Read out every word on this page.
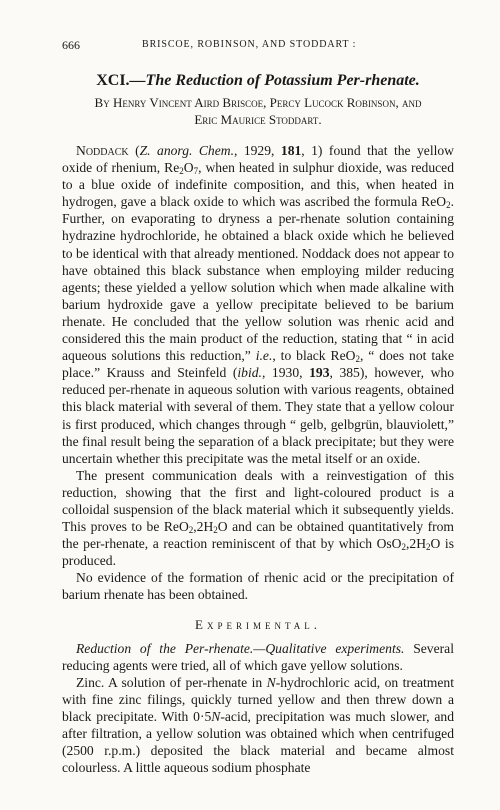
666	BRISCOE, ROBINSON, AND STODDART :
XCI.—The Reduction of Potassium Per-rhenate.
By Henry Vincent Aird Briscoe, Percy Lucock Robinson, and
Eric Maurice Stoddart.

Noddack (Z. anorg. Chem., 1929, 181, 1) found that the yellow oxide of rhenium, $Re_2O_7$, when heated in sulphur dioxide, was reduced to a blue oxide of indefinite composition, and this, when heated in hydrogen, gave a black oxide to which was ascribed the formula ReO$_2$. Further, on evaporating to dryness a per-rhenate solution containing hydrazine hydrochloride, he obtained a black oxide which he believed to be identical with that already mentioned. Noddack does not appear to have obtained this black substance when employing milder reducing agents; these yielded a yellow solution which when made alkaline with barium hydroxide gave a yellow precipitate believed to be barium rhenate. He concluded that the yellow solution was rhenic acid and considered this the main product of the reduction, stating that “ in acid aqueous solutions this reduction,” i.e., to black ReO$_2$, “ does not take place.” Krauss and Steinfeld (ibid., 1930, 193, 385), however, who reduced per-rhenate in aqueous solution with various reagents, obtained this black material with several of them. They state that a yellow colour is first produced, which changes through “ gelb, gelbgrün, blauviolett,” the final result being the separation of a black precipitate; but they were uncertain whether this precipitate was the metal itself or an oxide.

The present communication deals with a reinvestigation of this reduction, showing that the first and light-coloured product is a colloidal suspension of the black material which it subsequently yields. This proves to be $ReO_2,2H_2O$ and can be obtained quantitatively from the per-rhenate, a reaction reminiscent of that by which $OsO_2,2H_2O$ is produced.

No evidence of the formation of rhenic acid or the precipitation of barium rhenate has been obtained.

Experimental.

Reduction of the Per-rhenate.—Qualitative experiments. Several reducing agents were tried, all of which gave yellow solutions.

Zinc. A solution of per-rhenate in N-hydrochloric acid, on treatment with fine zinc filings, quickly turned yellow and then threw down a black precipitate. With 0·5N-acid, precipitation was much slower, and after filtration, a yellow solution was obtained which when centrifuged (2500 r.p.m.) deposited the black material and became almost colourless. A little aqueous sodium phosphate
